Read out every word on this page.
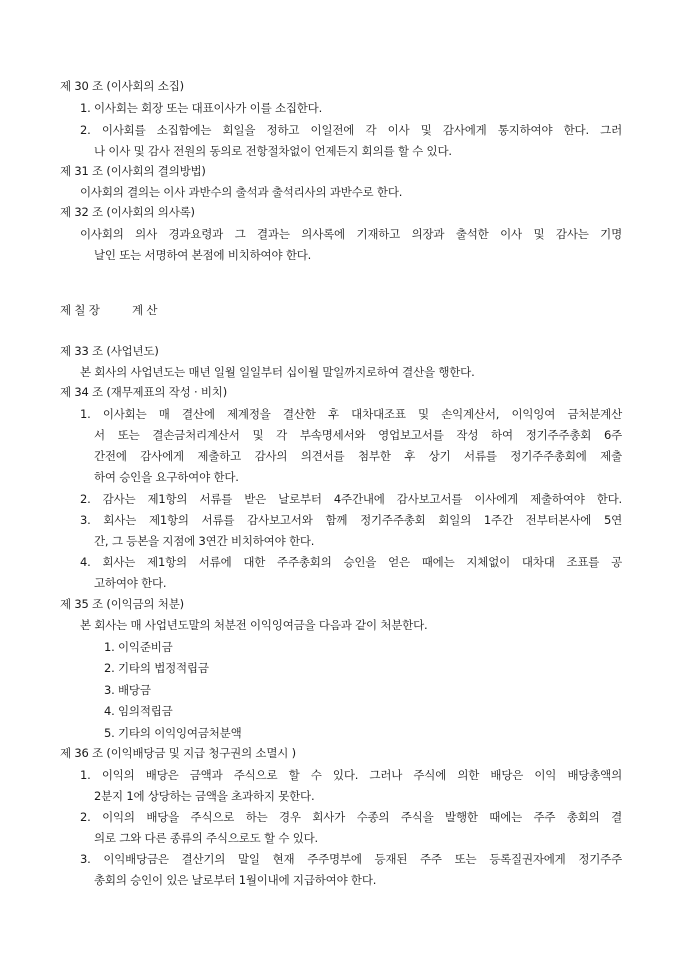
제 30 조 (이사회의 소집)
1. 이사회는 회장 또는 대표이사가 이를 소집한다.
2. 이사회를 소집함에는 회일을 정하고 이일전에 각 이사 및 감사에게 통지하여야 한다. 그러
나 이사 및 감사 전원의 동의로 전항절차없이 언제든지 회의를 할 수 있다.
제 31 조 (이사회의 결의방법)
이사회의 결의는 이사 과반수의 출석과 출석리사의 과반수로 한다.
제 32 조 (이사회의 의사록)
이사회의 의사 경과요령과 그 결과는 의사록에 기재하고 의장과 출석한 이사 및 감사는 기명
날인 또는 서명하여 본점에 비치하여야 한다.
제 칠 장	계 산
제 33 조 (사업년도)
본 회사의 사업년도는 매년 일월 일일부터 십이월 말일까지로하여 결산을 행한다.
제 34 조 (재무제표의 작성 · 비치)
1. 이사회는 매 결산에 제계정을 결산한 후 대차대조표 및 손익계산서, 이익잉여 금처분계산
서 또는 결손금처리계산서 및 각 부속명세서와 영업보고서를 작성 하여 정기주주총회 6주
간전에 감사에게 제출하고 감사의 의견서를 첨부한 후 상기 서류를 정기주주총회에 제출
하여 승인을 요구하여야 한다.
2. 감사는 제1항의 서류를 받은 날로부터 4주간내에 감사보고서를 이사에게 제출하여야 한다.
3. 회사는 제1항의 서류를 감사보고서와 함께 정기주주총회 회일의 1주간 전부터본사에 5연
간, 그 등본을 지점에 3연간 비치하여야 한다.
4. 회사는 제1항의 서류에 대한 주주총회의 승인을 얻은 때에는 지체없이 대차대 조표를 공
고하여야 한다.
제 35 조 (이익금의 처분)
본 회사는 매 사업년도말의 처분전 이익잉여금을 다음과 같이 처분한다.
1. 이익준비금
2. 기타의 법정적립금
3. 배당금
4. 임의적립금
5. 기타의 이익잉여금처분액
제 36 조 (이익배당금 및 지급 청구권의 소멸시 )
1. 이익의 배당은 금액과 주식으로 할 수 있다. 그러나 주식에 의한 배당은 이익 배당총액의
2분지 1에 상당하는 금액을 초과하지 못한다.
2. 이익의 배당을 주식으로 하는 경우 회사가 수종의 주식을 발행한 때에는 주주 총회의 결
의로 그와 다른 종류의 주식으로도 할 수 있다.
3. 이익배당금은 결산기의 말일 현재 주주명부에 등재된 주주 또는 등록질권자에게 정기주주
총회의 승인이 있은 날로부터 1월이내에 지급하여야 한다.
